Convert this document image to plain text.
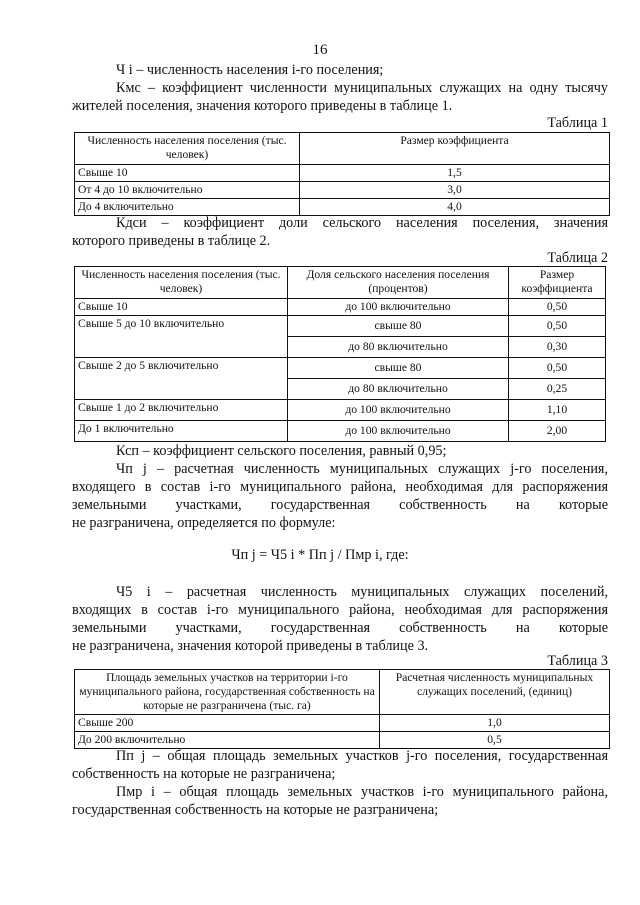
16

Ч i – численность населения i-го поселения;

Кмс – коэффициент численности муниципальных служащих на одну тысячу

жителей поселения, значения которого приведены в таблице 1.

Таблица 1
Численность населения поселения (тыс. человек)	Размер коэффициента
Свыше 10	1,5
От 4 до 10 включительно	3,0
До 4 включительно	4,0

Кдси – коэффициент доли сельского населения поселения, значения

которого приведены в таблице 2.

Таблица 2
Численность населения поселения (тыс. человек)	Доля сельского населения поселения (процентов)	Размер коэффициента
Свыше 10	до 100 включительно	0,50
Свыше 5 до 10 включительно	свыше 80	0,50
	до 80 включительно	0,30
Свыше 2 до 5 включительно	свыше 80	0,50
	до 80 включительно	0,25
Свыше 1 до 2 включительно	до 100 включительно	1,10
До 1 включительно	до 100 включительно	2,00

Ксп – коэффициент сельского поселения, равный 0,95;

Чп j – расчетная численность муниципальных служащих j-го поселения,

входящего в состав i-го муниципального района, необходимая для распоряжения

земельными участками, государственная собственность на которые

не разграничена, определяется по формуле:

Чп j = Ч5 i * Пп j / Пмр i, где:

Ч5 i – расчетная численность муниципальных служащих поселений,

входящих в состав i-го муниципального района, необходимая для распоряжения

земельными участками, государственная собственность на которые

не разграничена, значения которой приведены в таблице 3.

Таблица 3
Площадь земельных участков на территории i-го муниципального района, государственная собственность на которые не разграничена (тыс. га)	Расчетная численность муниципальных служащих поселений, (единиц)
Свыше 200	1,0
До 200 включительно	0,5

Пп j – общая площадь земельных участков j-го поселения, государственная

собственность на которые не разграничена;

Пмр i – общая площадь земельных участков i-го муниципального района,

государственная собственность на которые не разграничена;
